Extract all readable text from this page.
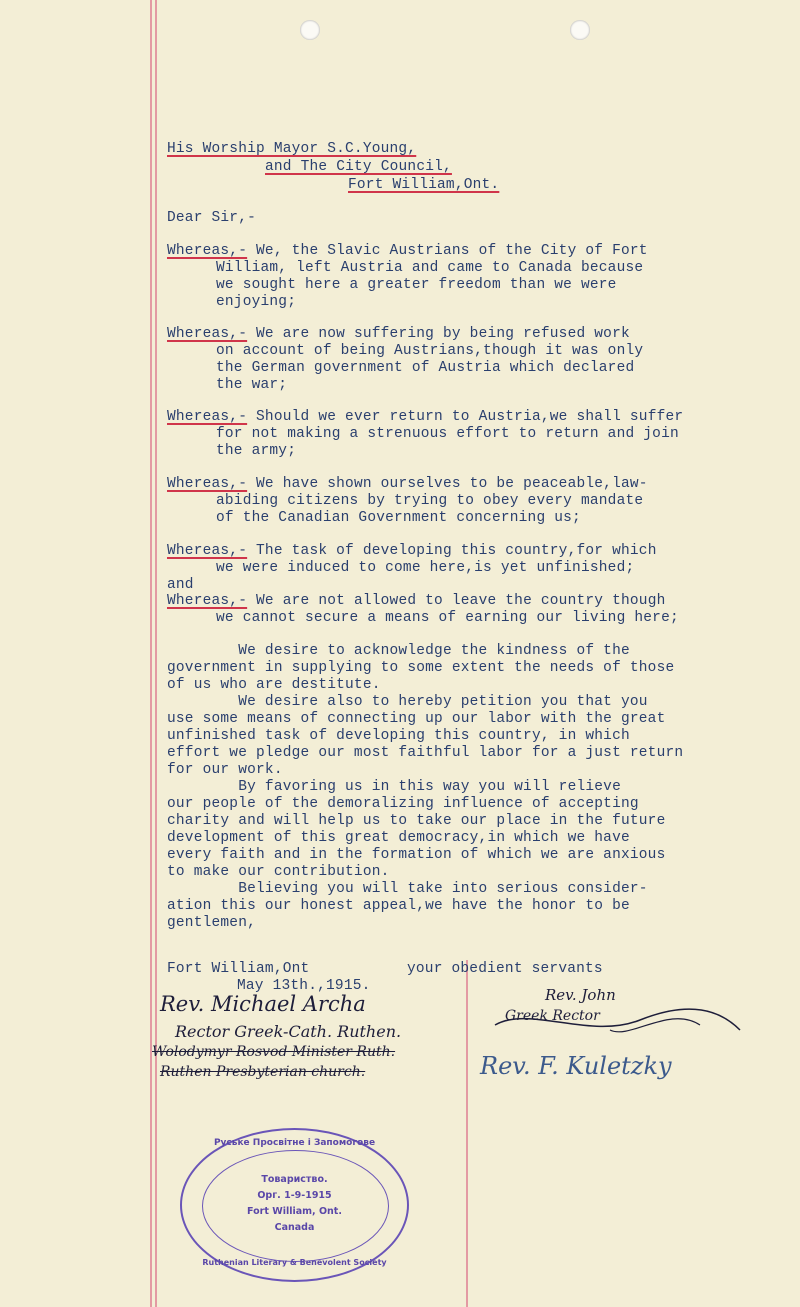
His Worship Mayor S.C.Young,
and The City Council,
Fort William,Ont.
Dear Sir,-
Whereas,- We, the Slavic Austrians of the City of Fort
William, left Austria and came to Canada because
we sought here a greater freedom than we were
enjoying;
Whereas,- We are now suffering by being refused work
on account of being Austrians,though it was only
the German government of Austria which declared
the war;
Whereas,- Should we ever return to Austria,we shall suffer
for not making a strenuous effort to return and join
the army;
Whereas,- We have shown ourselves to be peaceable,law-
abiding citizens by trying to obey every mandate
of the Canadian Government concerning us;
Whereas,- The task of developing this country,for which
we were induced to come here,is yet unfinished;
and
Whereas,- We are not allowed to leave the country though
we cannot secure a means of earning our living here;
We desire to acknowledge the kindness of the
government in supplying to some extent the needs of those
of us who are destitute.
We desire also to hereby petition you that you
use some means of connecting up our labor with the great
unfinished task of developing this country, in which
effort we pledge our most faithful labor for a just return
for our work.
By favoring us in this way you will relieve
our people of the demoralizing influence of accepting
charity and will help us to take our place in the future
development of this great democracy,in which we have
every faith and in the formation of which we are anxious
to make our contribution.
Believing you will take into serious consider-
ation this our honest appeal,we have the honor to be
gentlemen,
Fort William,Ont	your obedient servants
May 13th.,1915.
Rev. Michael Archa
Rector Greek-Cath. Ruthen.
Wolodymyr Rosvod Minister Ruth.
Ruthen Presbyterian church.
Rev. John
Greek Rector
Rev. F. Kuletzky
Руське Просвітне і Запомогове
Товариство.
Орг. 1-9-1915
Fort William, Ont.
Canada
Ruthenian Literary & Benevolent Society
